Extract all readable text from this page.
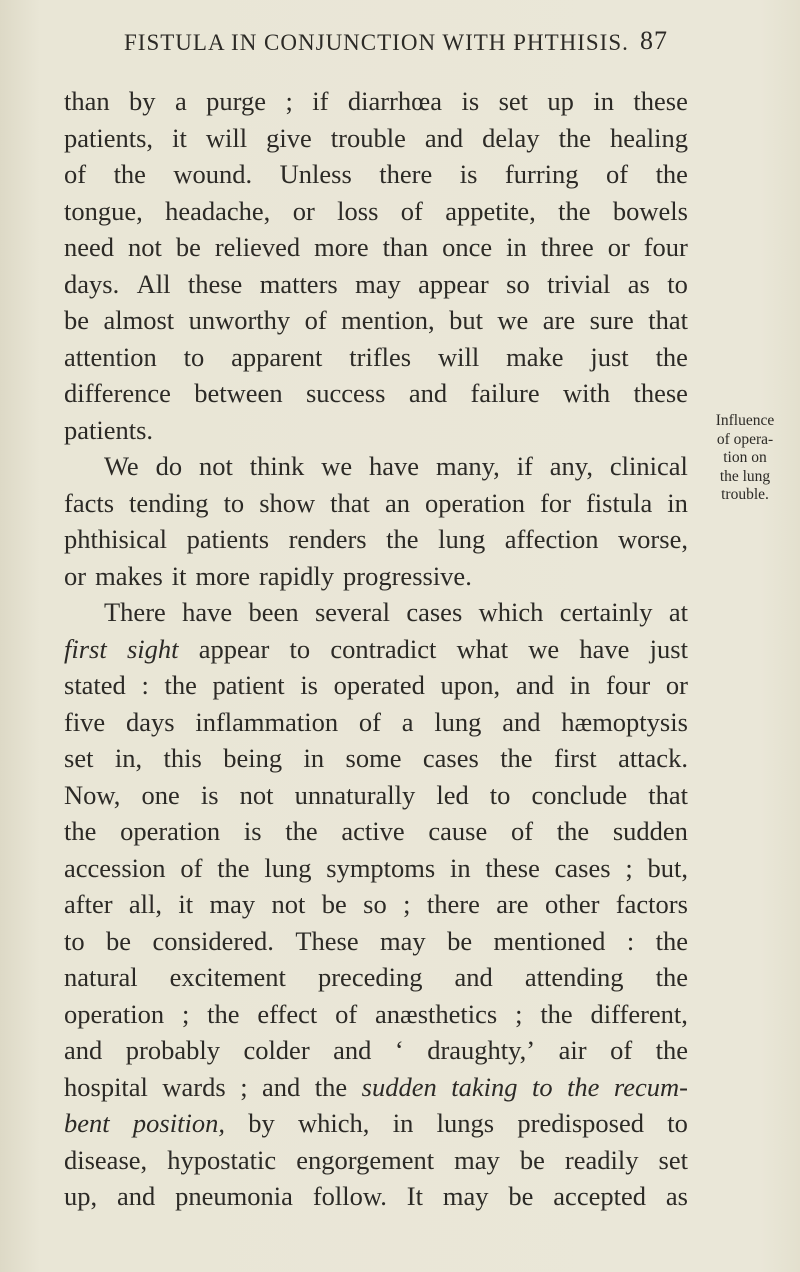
FISTULA IN CONJUNCTION WITH PHTHISIS. 87
than by a purge ; if diarrhœa is set up in these
patients, it will give trouble and delay the healing
of the wound. Unless there is furring of the
tongue, headache, or loss of appetite, the bowels
need not be relieved more than once in three or four
days. All these matters may appear so trivial as to
be almost unworthy of mention, but we are sure that
attention to apparent trifles will make just the
difference between success and failure with these
patients.
We do not think we have many, if any, clinical
facts tending to show that an operation for fistula in
phthisical patients renders the lung affection worse,
or makes it more rapidly progressive.
There have been several cases which certainly at
first sight appear to contradict what we have just
stated : the patient is operated upon, and in four or
five days inflammation of a lung and hæmoptysis
set in, this being in some cases the first attack.
Now, one is not unnaturally led to conclude that
the operation is the active cause of the sudden
accession of the lung symptoms in these cases ; but,
after all, it may not be so ; there are other factors
to be considered. These may be mentioned : the
natural excitement preceding and attending the
operation ; the effect of anæsthetics ; the different,
and probably colder and ‘ draughty,’ air of the
hospital wards ; and the sudden taking to the recum-
bent position, by which, in lungs predisposed to
disease, hypostatic engorgement may be readily set
up, and pneumonia follow. It may be accepted as
Influence
of opera-
tion on
the lung
trouble.
